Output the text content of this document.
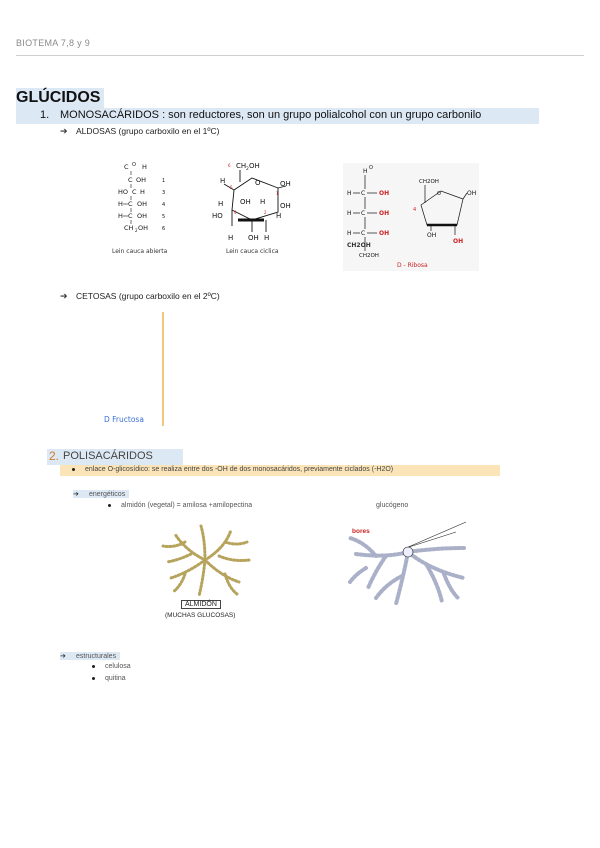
BIOTEMA 7,8 y 9
GLÚCIDOS
1. MONOSACÁRIDOS : son reductores, son un grupo polialcohol con un grupo carbonilo
➔ ALDOSAS (grupo carboxilo en el 1ºC)
C O H
C OH	1
HO C H	3
H C OH	4
H C OH	5
CH 2 OH	6
Lein cauca abierta
CH 2 OH
H	O	OH
H OH H
HO	H
H OH H
OH
5
6
1
2
4
Lein cauca ciclica
H O
H C
H C
H C
CH2OH
CH2OH
OH
OH
OH
OH
OH
OH
D - Ribosa
O
4
CH2OH
➔ CETOSAS (grupo carboxilo en el 2ºC)
D Fructosa
2. POLISACÁRIDOS
enlace O-glicosídico: se realiza entre dos -OH de dos monosacáridos, previamente ciclados (-H2O)
➔ energéticos
almidón (vegetal) = amilosa +amilopectina	glucógeno
ALMIDÓN
(MUCHAS GLUCOSAS)
bores
➔ estructurales
celulosa
quitina
